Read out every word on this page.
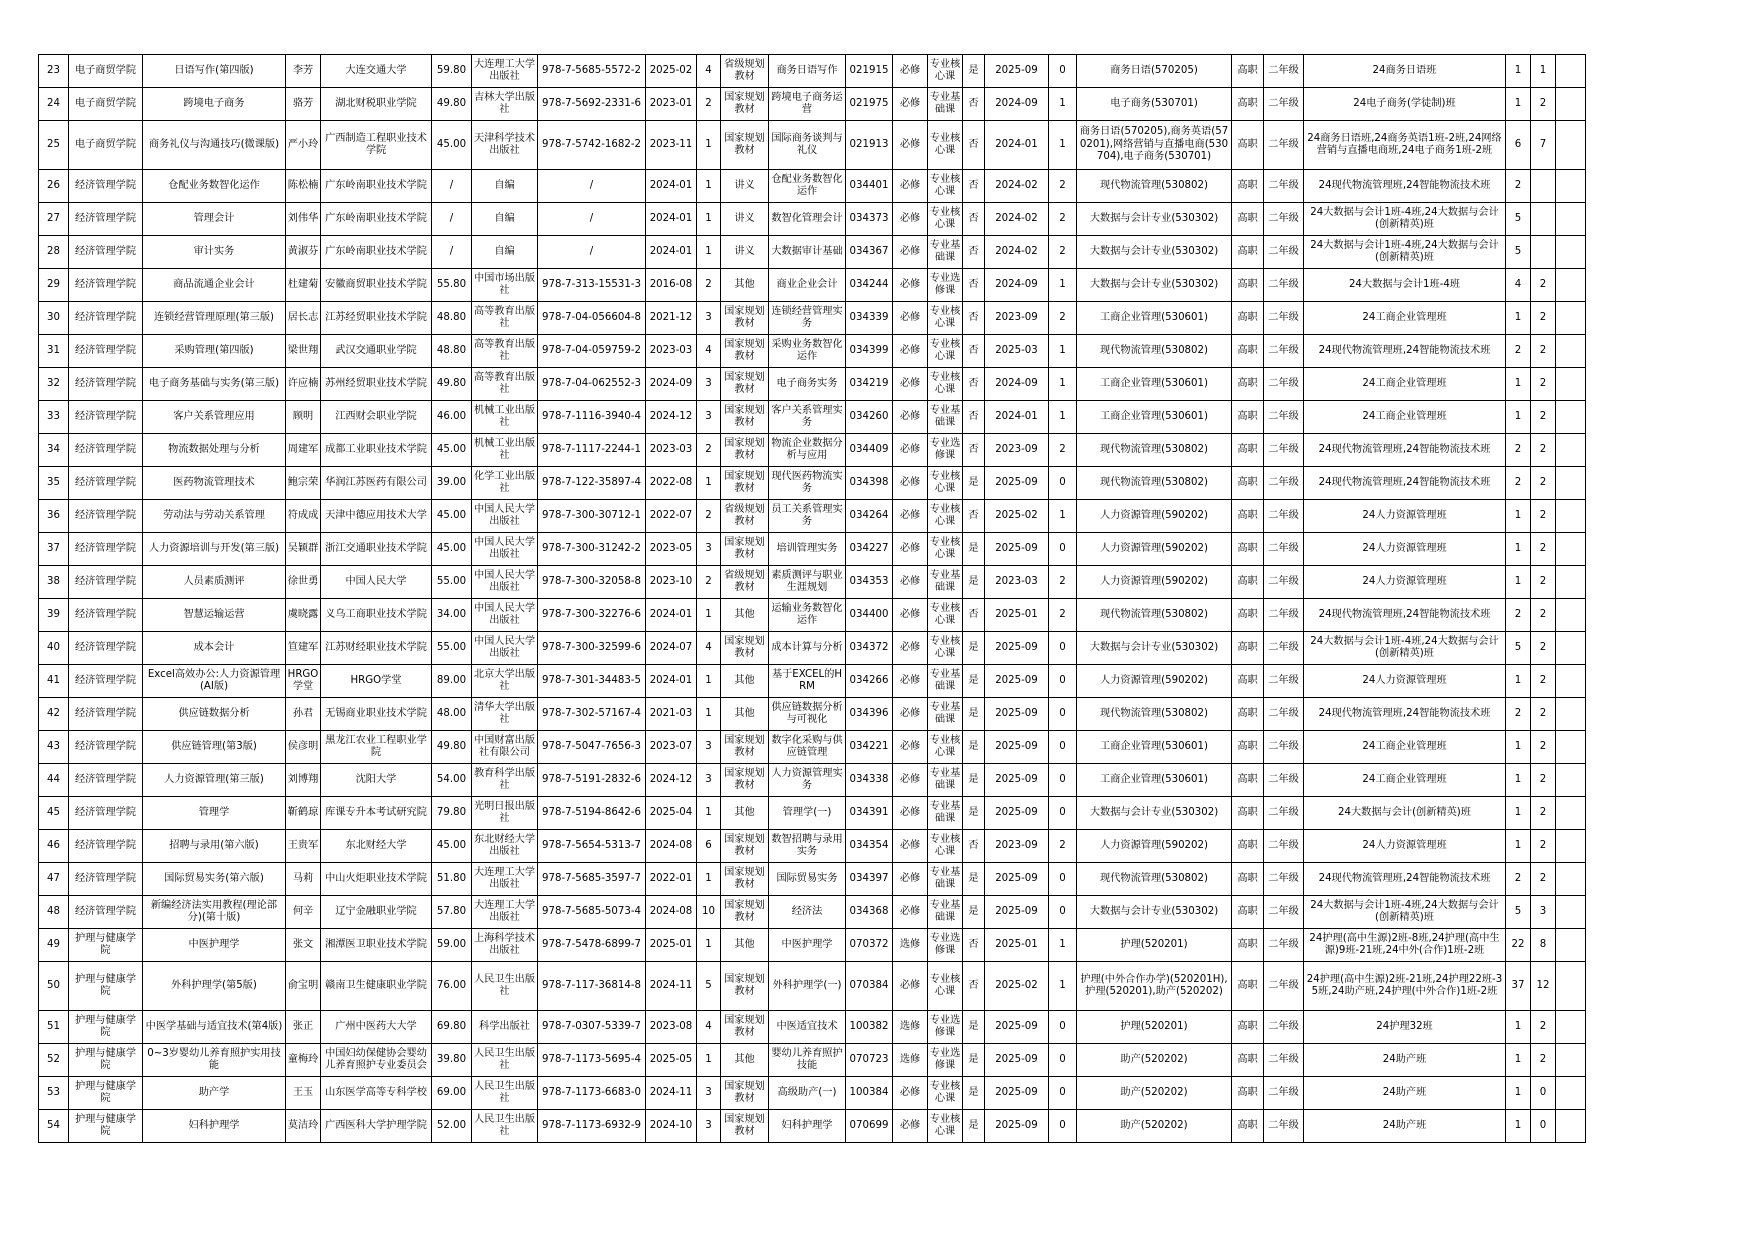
23	电子商贸学院	日语写作(第四版)	李芳	大连交通大学	59.80	大连理工大学出版社	978-7-5685-5572-2	2025-02	4	省级规划教材	商务日语写作	021915	必修	专业核心课	是	2025-09	0	商务日语(570205)	高职	二年级	24商务日语班	1	1	

24	电子商贸学院	跨境电子商务	骆芳	湖北财税职业学院	49.80	吉林大学出版社	978-7-5692-2331-6	2023-01	2	国家规划教材	跨境电子商务运营	021975	必修	专业基础课	否	2024-09	1	电子商务(530701)	高职	二年级	24电子商务(学徒制)班	1	2	

25	电子商贸学院	商务礼仪与沟通技巧(微课版)	严小玲	广西制造工程职业技术学院	45.00	天津科学技术出版社	978-7-5742-1682-2	2023-11	1	国家规划教材	国际商务谈判与礼仪	021913	必修	专业核心课	否	2024-01	1	商务日语(570205),商务英语(570201),网络营销与直播电商(530704),电子商务(530701)	高职	二年级	24商务日语班,24商务英语1班-2班,24网络营销与直播电商班,24电子商务1班-2班	6	7	

26	经济管理学院	仓配业务数智化运作	陈松楠	广东岭南职业技术学院	/	自编	/	2024-01	1	讲义	仓配业务数智化运作	034401	必修	专业核心课	否	2024-02	2	现代物流管理(530802)	高职	二年级	24现代物流管理班,24智能物流技术班	2		

27	经济管理学院	管理会计	刘伟华	广东岭南职业技术学院	/	自编	/	2024-01	1	讲义	数智化管理会计	034373	必修	专业核心课	否	2024-02	2	大数据与会计专业(530302)	高职	二年级	24大数据与会计1班-4班,24大数据与会计(创新精英)班	5		

28	经济管理学院	审计实务	黄淑芬	广东岭南职业技术学院	/	自编	/	2024-01	1	讲义	大数据审计基础	034367	必修	专业基础课	否	2024-02	2	大数据与会计专业(530302)	高职	二年级	24大数据与会计1班-4班,24大数据与会计(创新精英)班	5		

29	经济管理学院	商品流通企业会计	杜建菊	安徽商贸职业技术学院	55.80	中国市场出版社	978-7-313-15531-3	2016-08	2	其他	商业企业会计	034244	必修	专业选修课	否	2024-09	1	大数据与会计专业(530302)	高职	二年级	24大数据与会计1班-4班	4	2	

30	经济管理学院	连锁经营管理原理(第三版)	居长志	江苏经贸职业技术学院	48.80	高等教育出版社	978-7-04-056604-8	2021-12	3	国家规划教材	连锁经营管理实务	034339	必修	专业核心课	否	2023-09	2	工商企业管理(530601)	高职	二年级	24工商企业管理班	1	2	

31	经济管理学院	采购管理(第四版)	梁世翔	武汉交通职业学院	48.80	高等教育出版社	978-7-04-059759-2	2023-03	4	国家规划教材	采购业务数智化运作	034399	必修	专业核心课	否	2025-03	1	现代物流管理(530802)	高职	二年级	24现代物流管理班,24智能物流技术班	2	2	

32	经济管理学院	电子商务基础与实务(第三版)	许应楠	苏州经贸职业技术学院	49.80	高等教育出版社	978-7-04-062552-3	2024-09	3	国家规划教材	电子商务实务	034219	必修	专业核心课	否	2024-09	1	工商企业管理(530601)	高职	二年级	24工商企业管理班	1	2	

33	经济管理学院	客户关系管理应用	顾明	江西财会职业学院	46.00	机械工业出版社	978-7-1116-3940-4	2024-12	3	国家规划教材	客户关系管理实务	034260	必修	专业基础课	否	2024-01	1	工商企业管理(530601)	高职	二年级	24工商企业管理班	1	2	

34	经济管理学院	物流数据处理与分析	周建军	成都工业职业技术学院	45.00	机械工业出版社	978-7-1117-2244-1	2023-03	2	国家规划教材	物流企业数据分析与应用	034409	必修	专业选修课	否	2023-09	2	现代物流管理(530802)	高职	二年级	24现代物流管理班,24智能物流技术班	2	2	

35	经济管理学院	医药物流管理技术	鲍宗荣	华润江苏医药有限公司	39.00	化学工业出版社	978-7-122-35897-4	2022-08	1	国家规划教材	现代医药物流实务	034398	必修	专业核心课	是	2025-09	0	现代物流管理(530802)	高职	二年级	24现代物流管理班,24智能物流技术班	2	2	

36	经济管理学院	劳动法与劳动关系管理	符成成	天津中德应用技术大学	45.00	中国人民大学出版社	978-7-300-30712-1	2022-07	2	省级规划教材	员工关系管理实务	034264	必修	专业核心课	否	2025-02	1	人力资源管理(590202)	高职	二年级	24人力资源管理班	1	2	

37	经济管理学院	人力资源培训与开发(第三版)	吴颖群	浙江交通职业技术学院	45.00	中国人民大学出版社	978-7-300-31242-2	2023-05	3	国家规划教材	培训管理实务	034227	必修	专业核心课	是	2025-09	0	人力资源管理(590202)	高职	二年级	24人力资源管理班	1	2	

38	经济管理学院	人员素质测评	徐世勇	中国人民大学	55.00	中国人民大学出版社	978-7-300-32058-8	2023-10	2	省级规划教材	素质测评与职业生涯规划	034353	必修	专业基础课	是	2023-03	2	人力资源管理(590202)	高职	二年级	24人力资源管理班	1	2	

39	经济管理学院	智慧运输运营	虞晓露	义乌工商职业技术学院	34.00	中国人民大学出版社	978-7-300-32276-6	2024-01	1	其他	运输业务数智化运作	034400	必修	专业核心课	否	2025-01	2	现代物流管理(530802)	高职	二年级	24现代物流管理班,24智能物流技术班	2	2	

40	经济管理学院	成本会计	笪建军	江苏财经职业技术学院	55.00	中国人民大学出版社	978-7-300-32599-6	2024-07	4	国家规划教材	成本计算与分析	034372	必修	专业核心课	是	2025-09	0	大数据与会计专业(530302)	高职	二年级	24大数据与会计1班-4班,24大数据与会计(创新精英)班	5	2	

41	经济管理学院	Excel高效办公:人力资源管理(AI版)	HRGO学堂	HRGO学堂	89.00	北京大学出版社	978-7-301-34483-5	2024-01	1	其他	基于EXCEL的HRM	034266	必修	专业基础课	是	2025-09	0	人力资源管理(590202)	高职	二年级	24人力资源管理班	1	2	

42	经济管理学院	供应链数据分析	孙君	无锡商业职业技术学院	48.00	清华大学出版社	978-7-302-57167-4	2021-03	1	其他	供应链数据分析与可视化	034396	必修	专业基础课	是	2025-09	0	现代物流管理(530802)	高职	二年级	24现代物流管理班,24智能物流技术班	2	2	

43	经济管理学院	供应链管理(第3版)	侯彦明	黑龙江农业工程职业学院	49.80	中国财富出版社有限公司	978-7-5047-7656-3	2023-07	3	国家规划教材	数字化采购与供应链管理	034221	必修	专业核心课	是	2025-09	0	工商企业管理(530601)	高职	二年级	24工商企业管理班	1	2	

44	经济管理学院	人力资源管理(第三版)	刘博翔	沈阳大学	54.00	教育科学出版社	978-7-5191-2832-6	2024-12	3	国家规划教材	人力资源管理实务	034338	必修	专业基础课	是	2025-09	0	工商企业管理(530601)	高职	二年级	24工商企业管理班	1	2	

45	经济管理学院	管理学	靳鹤琼	库课专升本考试研究院	79.80	光明日报出版社	978-7-5194-8642-6	2025-04	1	其他	管理学(一)	034391	必修	专业基础课	是	2025-09	0	大数据与会计专业(530302)	高职	二年级	24大数据与会计(创新精英)班	1	2	

46	经济管理学院	招聘与录用(第六版)	王贵军	东北财经大学	45.00	东北财经大学出版社	978-7-5654-5313-7	2024-08	6	国家规划教材	数智招聘与录用实务	034354	必修	专业核心课	否	2023-09	2	人力资源管理(590202)	高职	二年级	24人力资源管理班	1	2	

47	经济管理学院	国际贸易实务(第六版)	马莉	中山火炬职业技术学院	51.80	大连理工大学出版社	978-7-5685-3597-7	2022-01	1	国家规划教材	国际贸易实务	034397	必修	专业基础课	是	2025-09	0	现代物流管理(530802)	高职	二年级	24现代物流管理班,24智能物流技术班	2	2	

48	经济管理学院	新编经济法实用教程(理论部分)(第十版)	何辛	辽宁金融职业学院	57.80	大连理工大学出版社	978-7-5685-5073-4	2024-08	10	国家规划教材	经济法	034368	必修	专业基础课	是	2025-09	0	大数据与会计专业(530302)	高职	二年级	24大数据与会计1班-4班,24大数据与会计(创新精英)班	5	3	

49	护理与健康学院	中医护理学	张文	湘潭医卫职业技术学院	59.00	上海科学技术出版社	978-7-5478-6899-7	2025-01	1	其他	中医护理学	070372	选修	专业选修课	否	2025-01	1	护理(520201)	高职	二年级	24护理(高中生源)2班-8班,24护理(高中生源)9班-21班,24中外(合作)1班-2班	22	8	

50	护理与健康学院	外科护理学(第5版)	俞宝明	赣南卫生健康职业学院	76.00	人民卫生出版社	978-7-117-36814-8	2024-11	5	国家规划教材	外科护理学(一)	070384	必修	专业核心课	否	2025-02	1	护理(中外合作办学)(520201H),护理(520201),助产(520202)	高职	二年级	24护理(高中生源)2班-21班,24护理22班-35班,24助产班,24护理(中外合作)1班-2班	37	12	

51	护理与健康学院	中医学基础与适宜技术(第4版)	张正	广州中医药大大学	69.80	科学出版社	978-7-0307-5339-7	2023-08	4	国家规划教材	中医适宜技术	100382	选修	专业选修课	是	2025-09	0	护理(520201)	高职	二年级	24护理32班	1	2	

52	护理与健康学院	0~3岁婴幼儿养育照护实用技能	童梅玲	中国妇幼保健协会婴幼儿养育照护专业委员会	39.80	人民卫生出版社	978-7-1173-5695-4	2025-05	1	其他	婴幼儿养育照护技能	070723	选修	专业选修课	是	2025-09	0	助产(520202)	高职	二年级	24助产班	1	2	

53	护理与健康学院	助产学	王玉	山东医学高等专科学校	69.00	人民卫生出版社	978-7-1173-6683-0	2024-11	3	国家规划教材	高级助产(一)	100384	必修	专业核心课	是	2025-09	0	助产(520202)	高职	二年级	24助产班	1	0	

54	护理与健康学院	妇科护理学	莫洁玲	广西医科大学护理学院	52.00	人民卫生出版社	978-7-1173-6932-9	2024-10	3	国家规划教材	妇科护理学	070699	必修	专业核心课	是	2025-09	0	助产(520202)	高职	二年级	24助产班	1	0	
